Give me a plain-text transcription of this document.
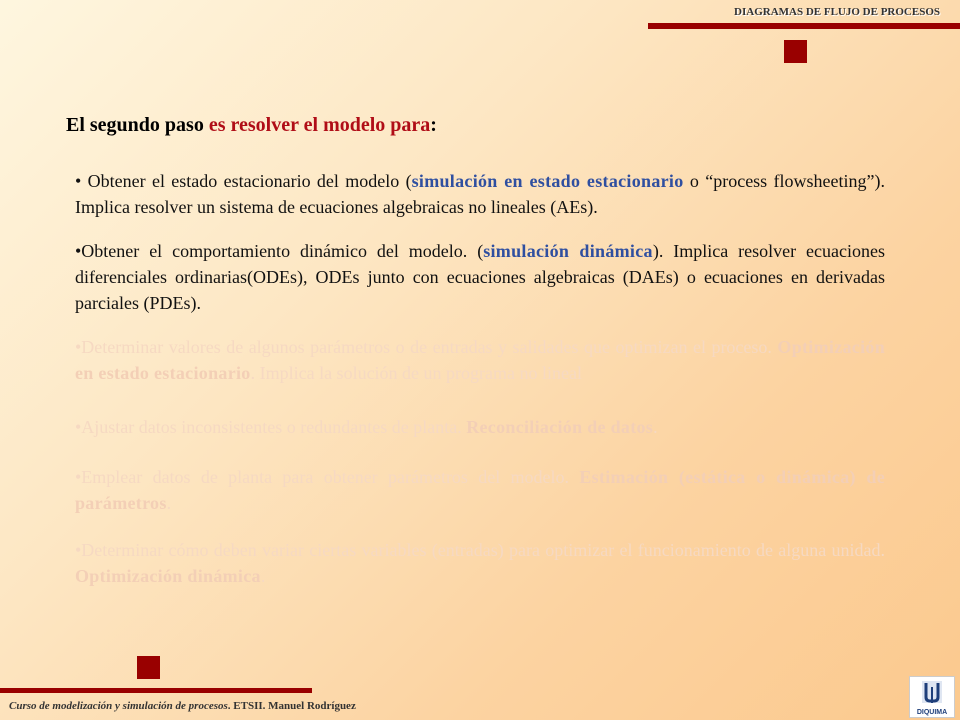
DIAGRAMAS DE FLUJO DE PROCESOS
El segundo paso es resolver el modelo para:
• Obtener el estado estacionario del modelo (simulación en estado estacionario o “process flowsheeting”). Implica resolver un sistema de ecuaciones algebraicas no lineales (AEs).
•Obtener el comportamiento dinámico del modelo. (simulación dinámica). Implica resolver ecuaciones diferenciales ordinarias(ODEs), ODEs junto con ecuaciones algebraicas (DAEs) o ecuaciones en derivadas parciales (PDEs).
•Determinar valores de algunos parámetros o de entradas y salidades que optimizan el proceso. Optimización en estado estacionario. Implica la solución de un programa no lineal
•Ajustar datos inconsistentes o redundantes de planta. Reconciliación de datos.
•Emplear datos de planta para obtener parámetros del modelo. Estimación (estática o dinámica) de parámetros.
•Determinar cómo deben variar ciertas variables (entradas) para optimizar el funcionamiento de alguna unidad. Optimización dinámica.
Curso de modelización y simulación de procesos. ETSII. Manuel Rodríguez
DIQUIMA
